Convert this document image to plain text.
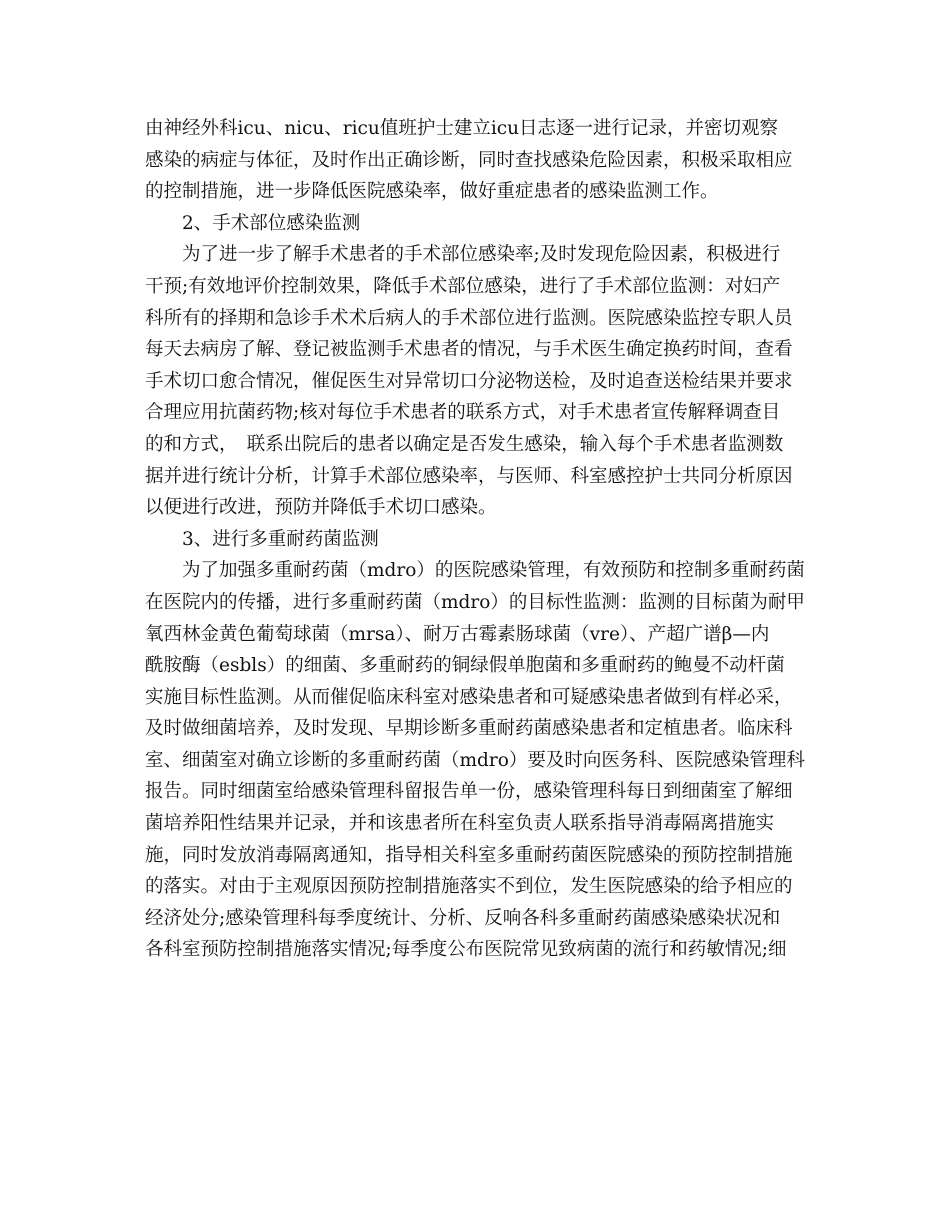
由神经外科icu、nicu、ricu值班护士建立icu日志逐一进行记录，并密切观察
感染的病症与体征，及时作出正确诊断，同时查找感染危险因素，积极采取相应
的控制措施，进一步降低医院感染率，做好重症患者的感染监测工作。
2、手术部位感染监测
为了进一步了解手术患者的手术部位感染率;及时发现危险因素，积极进行
干预;有效地评价控制效果，降低手术部位感染，进行了手术部位监测：对妇产
科所有的择期和急诊手术术后病人的手术部位进行监测。医院感染监控专职人员
每天去病房了解、登记被监测手术患者的情况，与手术医生确定换药时间，查看
手术切口愈合情况，催促医生对异常切口分泌物送检，及时追查送检结果并要求
合理应用抗菌药物;核对每位手术患者的联系方式，对手术患者宣传解释调查目
的和方式，　联系出院后的患者以确定是否发生感染，输入每个手术患者监测数
据并进行统计分析，计算手术部位感染率，与医师、科室感控护士共同分析原因
以便进行改进，预防并降低手术切口感染。
3、进行多重耐药菌监测
为了加强多重耐药菌（mdro）的医院感染管理，有效预防和控制多重耐药菌
在医院内的传播，进行多重耐药菌（mdro）的目标性监测：监测的目标菌为耐甲
氧西林金黄色葡萄球菌（mrsa）、耐万古霉素肠球菌（vre）、产超广谱β—内
酰胺酶（esbls）的细菌、多重耐药的铜绿假单胞菌和多重耐药的鲍曼不动杆菌
实施目标性监测。从而催促临床科室对感染患者和可疑感染患者做到有样必采，
及时做细菌培养，及时发现、早期诊断多重耐药菌感染患者和定植患者。临床科
室、细菌室对确立诊断的多重耐药菌（mdro）要及时向医务科、医院感染管理科
报告。同时细菌室给感染管理科留报告单一份，感染管理科每日到细菌室了解细
菌培养阳性结果并记录，并和该患者所在科室负责人联系指导消毒隔离措施实
施，同时发放消毒隔离通知，指导相关科室多重耐药菌医院感染的预防控制措施
的落实。对由于主观原因预防控制措施落实不到位，发生医院感染的给予相应的
经济处分;感染管理科每季度统计、分析、反响各科多重耐药菌感染感染状况和
各科室预防控制措施落实情况;每季度公布医院常见致病菌的流行和药敏情况;细
